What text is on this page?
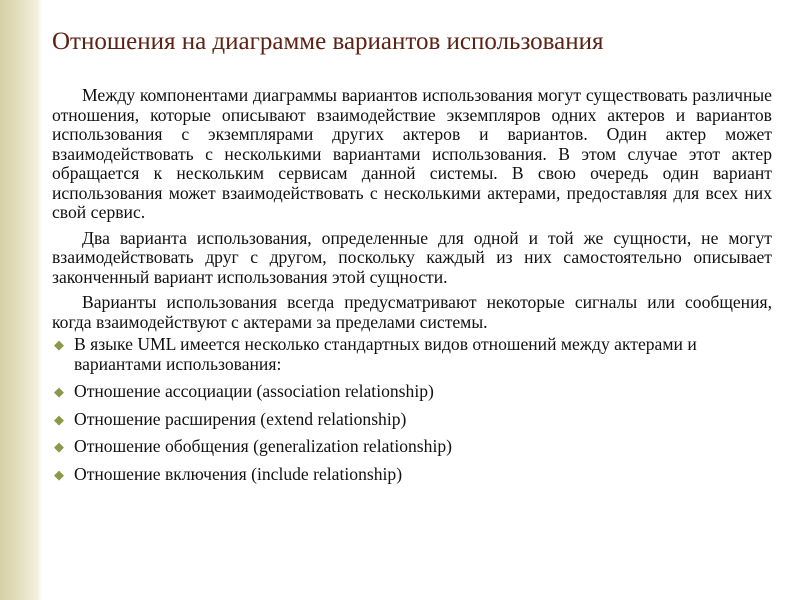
Отношения на диаграмме вариантов использования

Между компонентами диаграммы вариантов использования могут существовать различные отношения, которые описывают взаимодействие экземпляров одних актеров и вариантов использования с экземплярами других актеров и вариантов. Один актер может взаимодействовать с несколькими вариантами использования. В этом случае этот актер обращается к нескольким сервисам данной системы. В свою очередь один вариант использования может взаимодействовать с несколькими актерами, предоставляя для всех них свой сервис.

Два варианта использования, определенные для одной и той же сущности, не могут взаимодействовать друг с другом, поскольку каждый из них самостоятельно описывает законченный вариант использования этой сущности.

Варианты использования всегда предусматривают некоторые сигналы или сообщения, когда взаимодействуют с актерами за пределами системы.

◆ В языке UML имеется несколько стандартных видов отношений между актерами и вариантами использования:
◆ Отношение ассоциации (association relationship)
◆ Отношение расширения (extend relationship)
◆ Отношение обобщения (generalization relationship)
◆ Отношение включения (include relationship)
